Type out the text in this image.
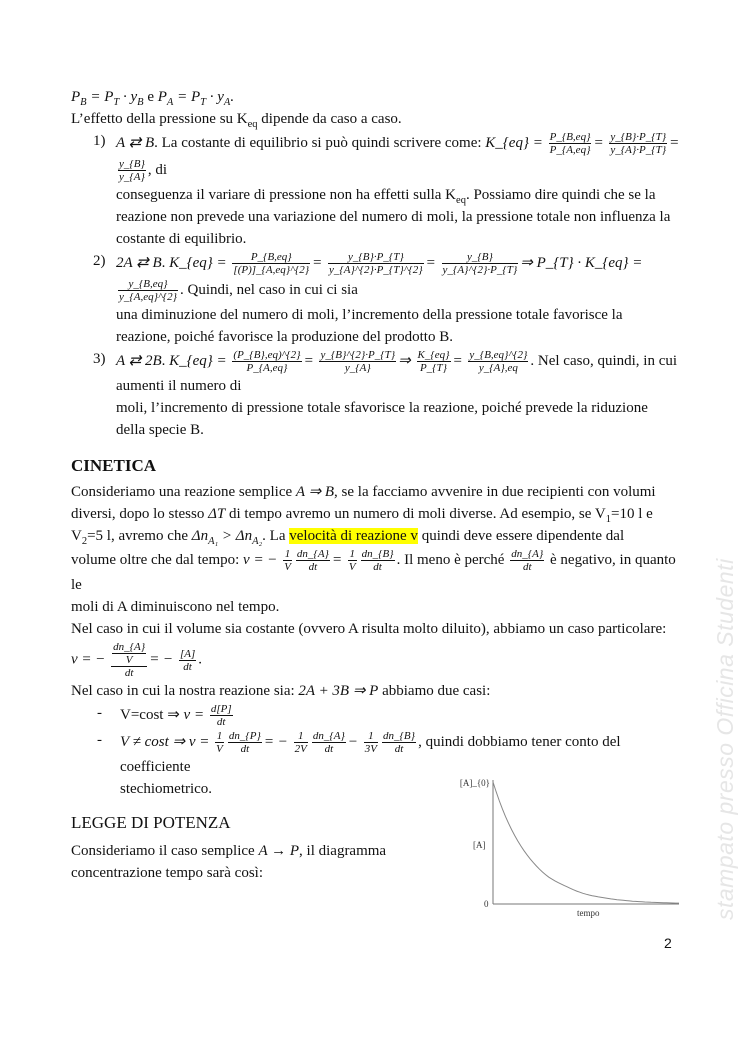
$P_B = P_T \cdot y_B$ e $P_A = P_T \cdot y_A$.
L’effetto della pressione su $K_{eq}$ dipende da caso a caso.
1) A ⇄ B. La costante di equilibrio si può quindi scrivere come: K_{eq} = $\frac{P\_\{B,eq\}}{P\_\{A,eq\}} = \frac{y\_\{B\}\cdot P\_\{T\}}{y\_\{A\}\cdot P\_\{T\}}$ =
$\frac{y\_\{B\}}{y\_\{A\}}$ , di
conseguenza il variare di pressione non ha effetti sulla $K_{eq}$. Possiamo dire quindi che se la
reazione non prevede una variazione del numero di moli, la pressione totale non influenza la
costante di equilibrio.
2) 2A ⇄ B. K_{eq} = $\frac{P\_\{B,eq\}}{[(P)]\_\{A,eq\}\^{}\{2\}} = \frac{y\_\{B\}\cdot P\_\{T\}}{y\_\{A\}\^{}\{2\}\cdot P\_\{T\}\^{}\{2\}} = \frac{y\_\{B\}}{y\_\{A\}\^{}\{2\}\cdot P\_\{T\}}$ ⇒ P_{T} · K_{eq} =
$\frac{y\_\{B,eq\}}{y\_\{A,eq\}\^{}\{2\}}$ . Quindi, nel caso in cui ci sia
una diminuzione del numero di moli, l’incremento della pressione totale favorisce la
reazione, poiché favorisce la produzione del prodotto B.
3) A ⇄ 2B. K_{eq} = $\frac{(P\_\{B\},eq)\^{}\{2\}}{P\_\{A,eq\}} = \frac{y\_\{B\}\^{}\{2\}\cdot P\_\{T\}}{y\_\{A\}}$ ⇒ $\frac{K\_\{eq\}}{P\_\{T\}} = \frac{y\_\{B,eq\}\^{}\{2\}}{y\_\{A\},eq}$ . Nel caso, quindi, in cui aumenti il numero di
moli, l’incremento di pressione totale sfavorisce la reazione, poiché prevede la riduzione
della specie B.
CINETICA
Consideriamo una reazione semplice A ⇒ B, se la facciamo avvenire in due recipienti con volumi
diversi, dopo lo stesso ΔT di tempo avremo un numero di moli diverse. Ad esempio, se $V_1=10$ l e
$V_2=5$ l, avremo che $\Delta n_{A_1} > \Delta n_{A_2}$. La velocità di reazione v quindi deve essere dipendente dal
volume oltre che dal tempo: v = − $\frac{1}{V} \frac{dn\_\{A\}}{dt} = \frac{1}{V} \frac{dn\_\{B\}}{dt}$ . Il meno è perché $\frac{dn\_\{A\}}{dt}$ è negativo, in quanto le
moli di A diminuiscono nel tempo.
Nel caso in cui il volume sia costante (ovvero A risulta molto diluito), abbiamo un caso particolare:
v = − $\frac{\frac{dn\_\{A\}}{V}}{dt}$ = − $\frac{[A]}{dt}$ .
Nel caso in cui la nostra reazione sia: 2A + 3B ⇒ P abbiamo due casi:
- V=cost ⇒ $v = \frac{d[P]}{dt}$
- V ≠ cost ⇒ $v = \frac{1}{V} \frac{dn\_\{P\}}{dt}$ = − $\frac{1}{2V} \frac{dn\_\{A\}}{dt} - \frac{1}{3V} \frac{dn\_\{B\}}{dt}$ , quindi dobbiamo tener conto del coefficiente
stechiometrico.
LEGGE DI POTENZA
Consideriamo il caso semplice A → P, il diagramma
concentrazione tempo sarà così:
[A]_{0}
[A]
0
tempo	stampato presso Officina Studenti
2
